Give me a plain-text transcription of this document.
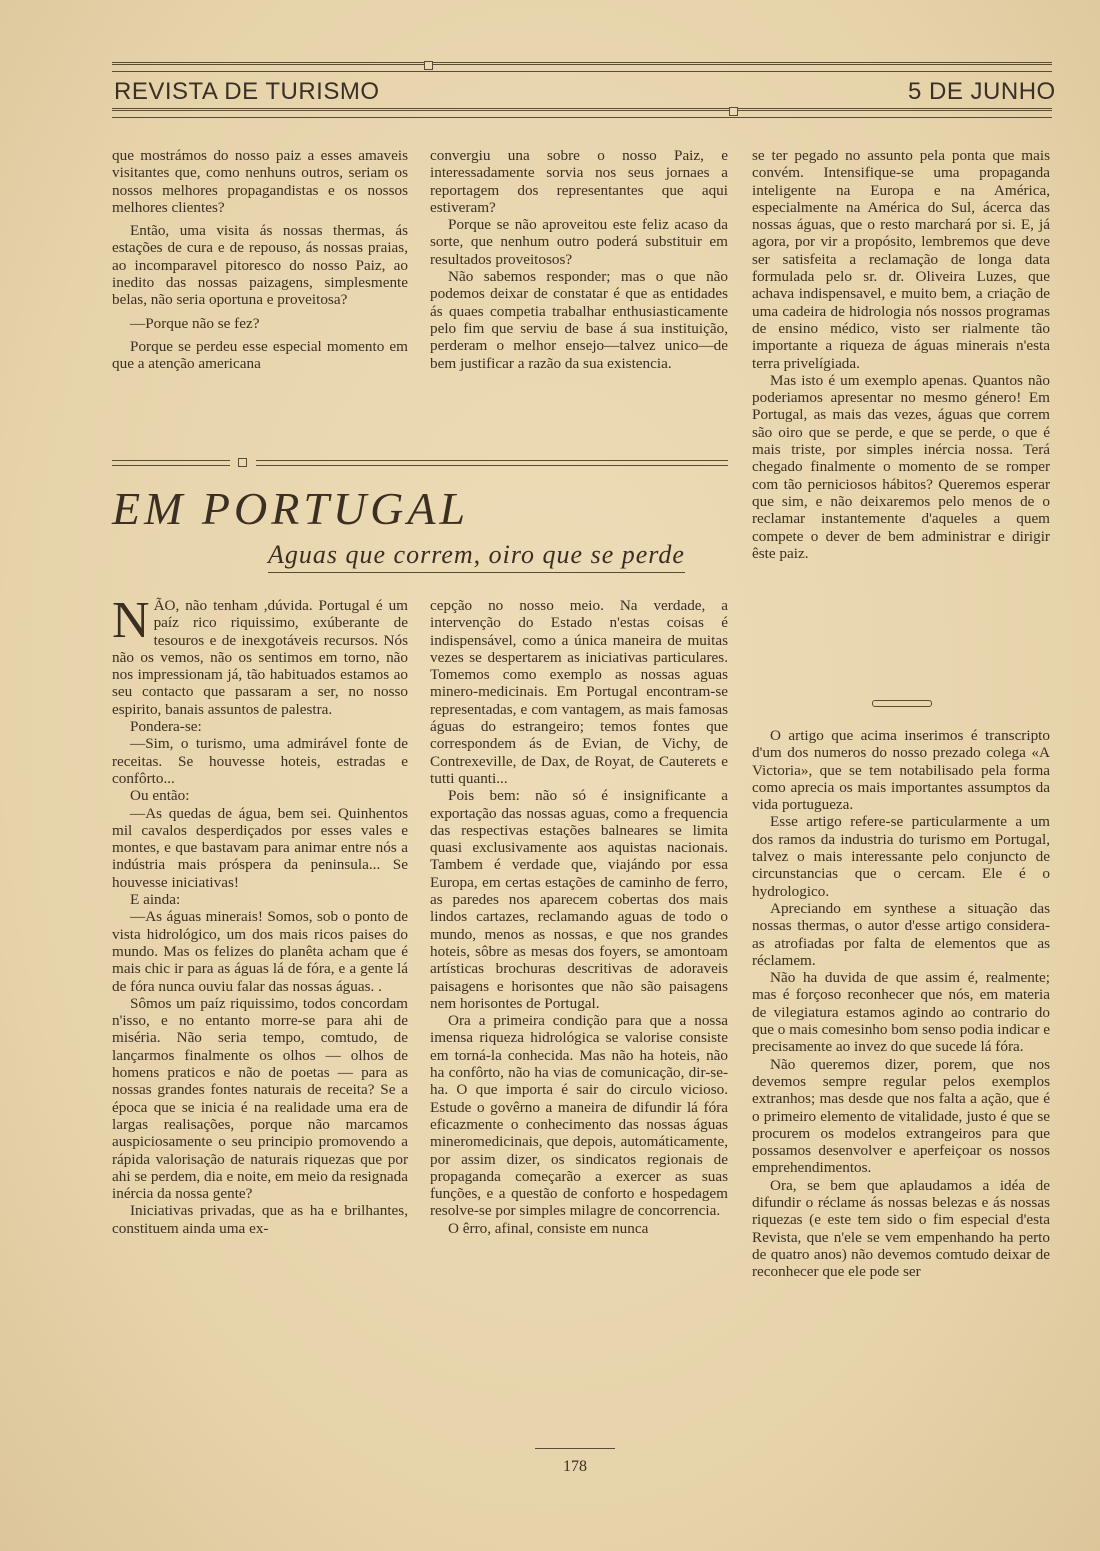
REVISTA DE TURISMO	5 DE JUNHO

que mostrámos do nosso paiz a esses amaveis visitantes que, como nenhuns outros, seriam os nossos melhores propagandistas e os nossos melhores clientes?

Então, uma visita ás nossas thermas, ás estações de cura e de repouso, ás nossas praias, ao incomparavel pitoresco do nosso Paiz, ao inedito das nossas paizagens, simplesmente belas, não seria oportuna e proveitosa?

—Porque não se fez?

Porque se perdeu esse especial momento em que a atenção americana

convergiu una sobre o nosso Paiz, e interessadamente sorvia nos seus jornaes a reportagem dos representantes que aqui estiveram?

Porque se não aproveitou este feliz acaso da sorte, que nenhum outro poderá substituir em resultados proveitosos?

Não sabemos responder; mas o que não podemos deixar de constatar é que as entidades ás quaes competia trabalhar enthusiasticamente pelo fim que serviu de base á sua instituição, perderam o melhor ensejo—talvez unico—de bem justificar a razão da sua existencia.

EM PORTUGAL
Aguas que correm, oiro que se perde

NÃO, não tenham ,dúvida. Portugal é um paíz rico riquissimo, exúberante de tesouros e de inexgotáveis recursos. Nós não os vemos, não os sentimos em torno, não nos impressionam já, tão habituados estamos ao seu contacto que passaram a ser, no nosso espirito, banais assuntos de palestra.

Pondera-se:

—Sim, o turismo, uma admirável fonte de receitas. Se houvesse hoteis, estradas e confôrto...

Ou então:

—As quedas de água, bem sei. Quinhentos mil cavalos desperdiçados por esses vales e montes, e que bastavam para animar entre nós a indústria mais próspera da peninsula... Se houvesse iniciativas!

E ainda:

—As águas minerais! Somos, sob o ponto de vista hidrológico, um dos mais ricos paises do mundo. Mas os felizes do planêta acham que é mais chic ir para as águas lá de fóra, e a gente lá de fóra nunca ouviu falar das nossas águas. .

Sômos um paíz riquissimo, todos concordam n'isso, e no entanto morre-se para ahi de miséria. Não seria tempo, comtudo, de lançarmos finalmente os olhos — olhos de homens praticos e não de poetas — para as nossas grandes fontes naturais de receita? Se a época que se inicia é na realidade uma era de largas realisações, porque não marcamos auspiciosamente o seu principio promovendo a rápida valorisação de naturais riquezas que por ahi se perdem, dia e noite, em meio da resignada inércia da nossa gente?

Iniciativas privadas, que as ha e brilhantes, constituem ainda uma ex-

cepção no nosso meio. Na verdade, a intervenção do Estado n'estas coisas é indispensável, como a única maneira de muitas vezes se despertarem as iniciativas particulares. Tomemos como exemplo as nossas aguas minero-medicinais. Em Portugal encontram-se representadas, e com vantagem, as mais famosas águas do estrangeiro; temos fontes que correspondem ás de Evian, de Vichy, de Contrexeville, de Dax, de Royat, de Cauterets e tutti quanti...

Pois bem: não só é insignificante a exportação das nossas aguas, como a frequencia das respectivas estações balneares se limita quasi exclusivamente aos aquistas nacionais. Tambem é verdade que, viajándo por essa Europa, em certas estações de caminho de ferro, as paredes nos aparecem cobertas dos mais lindos cartazes, reclamando aguas de todo o mundo, menos as nossas, e que nos grandes hoteis, sôbre as mesas dos foyers, se amontoam artísticas brochuras descritivas de adoraveis paisagens e horisontes que não são paisagens nem horisontes de Portugal.

Ora a primeira condição para que a nossa imensa riqueza hidrológica se valorise consiste em torná-la conhecida. Mas não ha hoteis, não ha confôrto, não ha vias de comunicação, dir-se-ha. O que importa é sair do circulo vicioso. Estude o govêrno a maneira de difundir lá fóra eficazmente o conhecimento das nossas águas mineromedicinais, que depois, automáticamente, por assim dizer, os sindicatos regionais de propaganda começarão a exercer as suas funções, e a questão de conforto e hospedagem resolve-se por simples milagre de concorrencia.

O êrro, afinal, consiste em nunca

se ter pegado no assunto pela ponta que mais convém. Intensifique-se uma propaganda inteligente na Europa e na América, especialmente na América do Sul, ácerca das nossas águas, que o resto marchará por si. E, já agora, por vir a propósito, lembremos que deve ser satisfeita a reclamação de longa data formulada pelo sr. dr. Oliveira Luzes, que achava indispensavel, e muito bem, a criação de uma cadeira de hidrologia nós nossos programas de ensino médico, visto ser rialmente tão importante a riqueza de águas minerais n'esta terra privelígiada.

Mas isto é um exemplo apenas. Quantos não poderiamos apresentar no mesmo género! Em Portugal, as mais das vezes, águas que correm são oiro que se perde, e que se perde, o que é mais triste, por simples inércia nossa. Terá chegado finalmente o momento de se romper com tão perniciosos hábitos? Queremos esperar que sim, e não deixaremos pelo menos de o reclamar instantemente d'aqueles a quem compete o dever de bem administrar e dirigir êste paiz.

O artigo que acima inserimos é transcripto d'um dos numeros do nosso prezado colega «A Victoria», que se tem notabilisado pela forma como aprecia os mais importantes assumptos da vida portugueza.

Esse artigo refere-se particularmente a um dos ramos da industria do turismo em Portugal, talvez o mais interessante pelo conjuncto de circunstancias que o cercam. Ele é o hydrologico.

Apreciando em synthese a situação das nossas thermas, o autor d'esse artigo considera-as atrofiadas por falta de elementos que as réclamem.

Não ha duvida de que assim é, realmente; mas é forçoso reconhecer que nós, em materia de vilegiatura estamos agindo ao contrario do que o mais comesinho bom senso podia indicar e precisamente ao invez do que sucede lá fóra.

Não queremos dizer, porem, que nos devemos sempre regular pelos exemplos extranhos; mas desde que nos falta a ação, que é o primeiro elemento de vitalidade, justo é que se procurem os modelos extrangeiros para que possamos desenvolver e aperfeiçoar os nossos emprehendimentos.

Ora, se bem que aplaudamos a idéa de difundir o réclame ás nossas belezas e ás nossas riquezas (e este tem sido o fim especial d'esta Revista, que n'ele se vem empenhando ha perto de quatro anos) não devemos comtudo deixar de reconhecer que ele pode ser

178
